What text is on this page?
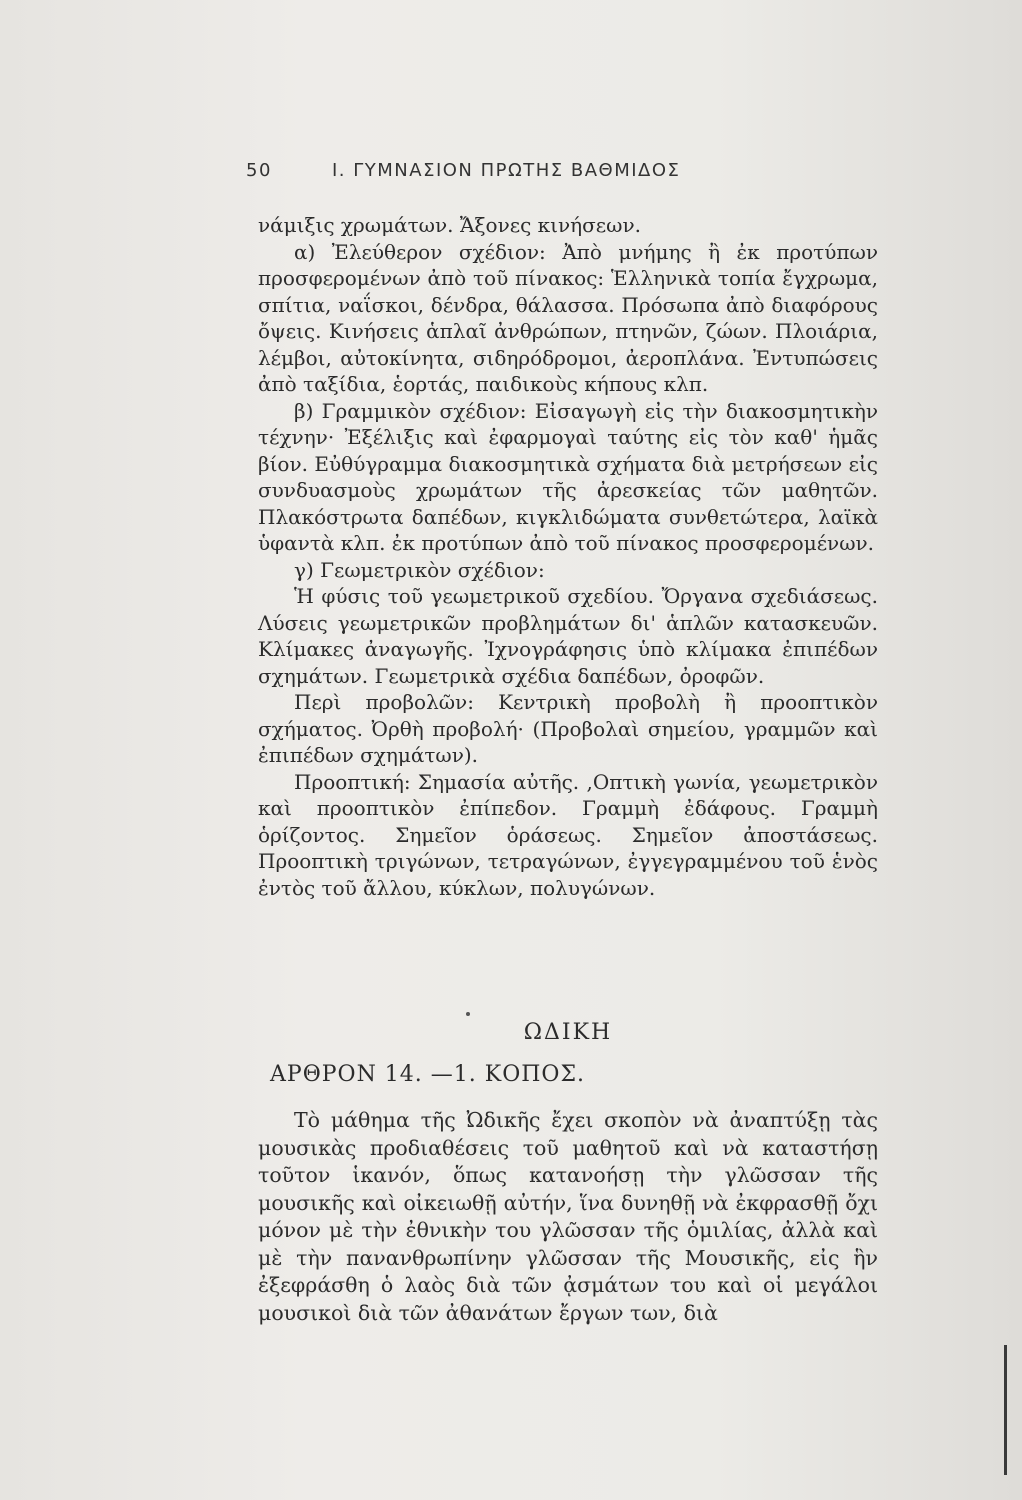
50	Ι. ΓΥΜΝΑΣΙΟΝ ΠΡΩΤΗΣ ΒΑΘΜΙΔΟΣ

νάμιξις χρωμάτων. Ἄξονες κινήσεων.

α) Ἐλεύθερον σχέδιον: Ἀπὸ μνήμης ἢ ἐκ προτύπων προσφερομένων ἀπὸ τοῦ πίνακος: Ἑλληνικὰ τοπία ἔγχρωμα, σπίτια, ναΐσκοι, δένδρα, θάλασσα. Πρόσωπα ἀπὸ διαφόρους ὄψεις. Κινήσεις ἁπλαῖ ἀνθρώπων, πτηνῶν, ζώων. Πλοιάρια, λέμβοι, αὐτοκίνητα, σιδηρόδρομοι, ἀεροπλάνα. Ἐντυπώσεις ἀπὸ ταξίδια, ἑορτάς, παιδικοὺς κήπους κλπ.

β) Γραμμικὸν σχέδιον: Εἰσαγωγὴ εἰς τὴν διακοσμητικὴν τέχνην· Ἐξέλιξις καὶ ἐφαρμογαὶ ταύτης εἰς τὸν καθ' ἡμᾶς βίον. Εὐθύγραμμα διακοσμητικὰ σχήματα διὰ μετρήσεων εἰς συνδυασμοὺς χρωμάτων τῆς ἀρεσκείας τῶν μαθητῶν. Πλακόστρωτα δαπέδων, κιγκλιδώματα συνθετώτερα, λαϊκὰ ὑφαντὰ κλπ. ἐκ προτύπων ἀπὸ τοῦ πίνακος προσφερομένων.

γ) Γεωμετρικὸν σχέδιον:

Ἡ φύσις τοῦ γεωμετρικοῦ σχεδίου. Ὄργανα σχεδιάσεως. Λύσεις γεωμετρικῶν προβλημάτων δι' ἁπλῶν κατασκευῶν. Κλίμακες ἀναγωγῆς. Ἰχνογράφησις ὑπὸ κλίμακα ἐπιπέδων σχημάτων. Γεωμετρικὰ σχέδια δαπέδων, ὀροφῶν.

Περὶ προβολῶν: Κεντρικὴ προβολὴ ἢ προοπτικὸν σχήματος. Ὀρθὴ προβολή· (Προβολαὶ σημείου, γραμμῶν καὶ ἐπιπέδων σχημάτων).

Προοπτική: Σημασία αὐτῆς. ,Οπτικὴ γωνία, γεωμετρικὸν καὶ προοπτικὸν ἐπίπεδον. Γραμμὴ ἐδάφους. Γραμμὴ ὁρίζοντος. Σημεῖον ὁράσεως. Σημεῖον ἀποστάσεως. Προοπτικὴ τριγώνων, τετραγώνων, ἐγγεγραμμένου τοῦ ἑνὸς ἐντὸς τοῦ ἄλλου, κύκλων, πολυγώνων.

ΩΔΙΚΗ
ΑΡΘΡΟΝ 14. —1. ΚΟΠΟΣ.

Τὸ μάθημα τῆς Ὠδικῆς ἔχει σκοπὸν νὰ ἀναπτύξῃ τὰς μουσικὰς προδιαθέσεις τοῦ μαθητοῦ καὶ νὰ καταστήσῃ τοῦτον ἱκανόν, ὅπως κατανοήσῃ τὴν γλῶσσαν τῆς μουσικῆς καὶ οἰκειωθῇ αὐτήν, ἵνα δυνηθῇ νὰ ἐκφρασθῇ ὄχι μόνον μὲ τὴν ἐθνικὴν του γλῶσσαν τῆς ὁμιλίας, ἀλλὰ καὶ μὲ τὴν πανανθρωπίνην γλῶσσαν τῆς Μουσικῆς, εἰς ἣν ἐξεφράσθη ὁ λαὸς διὰ τῶν ᾀσμάτων του καὶ οἱ μεγάλοι μουσικοὶ διὰ τῶν ἀθανάτων ἔργων των, διὰ
